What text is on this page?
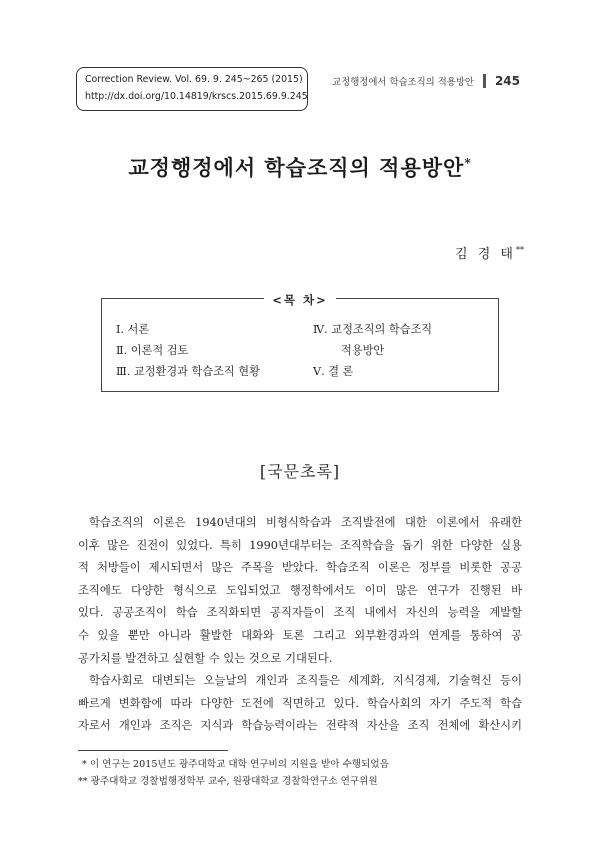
Correction Review. Vol. 69. 9. 245~265 (2015)
http://dx.doi.org/10.14819/krscs.2015.69.9.245
교정행정에서 학습조직의 적용방안 245
교정행정에서 학습조직의 적용방안*
김 경 태**
<목 차>
Ⅰ. 서론
Ⅱ. 이론적 검토
Ⅲ. 교정환경과 학습조직 현황
Ⅳ. 교정조직의 학습조직
적용방안
Ⅴ. 결 론
[국문초록]
학습조직의 이론은 1940년대의 비형식학습과 조직발전에 대한 이론에서 유래한
이후 많은 진전이 있었다. 특히 1990년대부터는 조직학습을 돕기 위한 다양한 실용
적 처방들이 제시되면서 많은 주목을 받았다. 학습조직 이론은 정부를 비롯한 공공
조직에도 다양한 형식으로 도입되었고 행정학에서도 이미 많은 연구가 진행된 바
있다. 공공조직이 학습 조직화되면 공직자들이 조직 내에서 자신의 능력을 계발할
수 있을 뿐만 아니라 활발한 대화와 토론 그리고 외부환경과의 연계를 통하여 공
공가치를 발견하고 실현할 수 있는 것으로 기대된다.
학습사회로 대변되는 오늘날의 개인과 조직들은 세계화, 지식경제, 기술혁신 등이
빠르게 변화함에 따라 다양한 도전에 직면하고 있다. 학습사회의 자기 주도적 학습
자로서 개인과 조직은 지식과 학습능력이라는 전략적 자산을 조직 전체에 확산시키
* 이 연구는 2015년도 광주대학교 대학 연구비의 지원을 받아 수행되었음
** 광주대학교 경찰법행정학부 교수, 원광대학교 경찰학연구소 연구위원
